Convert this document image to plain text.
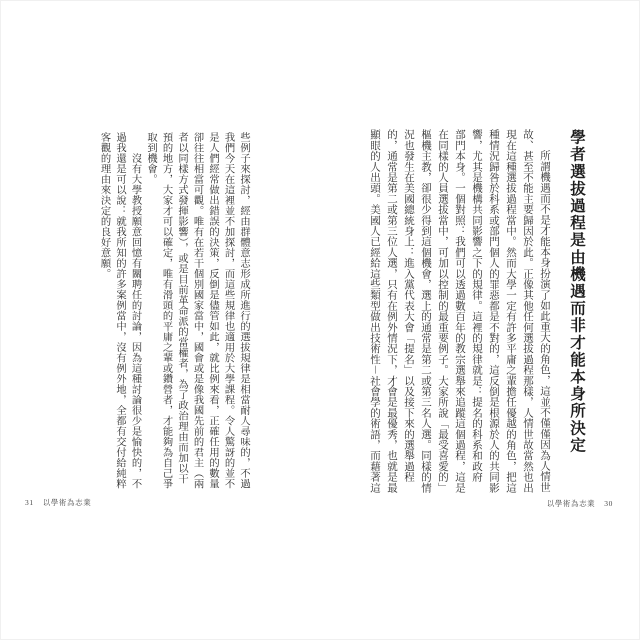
學者選拔過程是由機遇而非才能本身所決定
所謂機遇而不是才能本身扮演了如此重大的角色，這並不僅僅因為人情世
故、甚至不能主要歸因於此。正像其他任何選拔過程那樣，人情世故當然也出
現在這種選拔過程當中。然而大學一定有許多平庸之輩擔任優越的角色，把這
種情況歸咎於科系或部門個人的罪惡都是不對的，這反倒是根源於人的共同影
響，尤其是機構共同影響之下的規律。這裡的規律就是：提名的科系和政府
部門本身。一個對照：我們可以透過數百年的教宗選舉來追蹤這個過程，這是
在同樣的人員選拔當中，可加以控制的最重要例子。大家所說「最受喜愛的」
樞機主教，卻很少得到這個機會，選上的通常是第二或第三名人選。同樣的情
況也發生在美國總統身上：進入黨代表大會「提名」以及接下來的選舉過程
的，通常是第二或第三位人選，只有在例外情況下，才會是最優秀，也就是最
顯眼的人出頭。美國人已經給這些類型做出技術性－社會學的術語，而藉著這
些例子來探討，經由群體意志形成所進行的選拔規律是相當耐人尋味的，不過
我們今天在這裡並不加探討，而這些規律也適用於大學課程。令人驚訝的並不
是人們經常做出錯誤的決策，反倒是儘管如此，就比例來看，正確任用的數量
卻往往相當可觀。唯有在若干個別國家當中，國會或是像我國先前的君主（兩
者以同樣方式發揮影響），或是目前革命派的當權者，為了政治理由而加以干
預的地方，大家才可以確定，唯有滑頭的平庸之輩或鑽營者，才能夠為自己爭
取到機會。
沒有大學教授願意回憶有關聘任的討論，因為這種討論很少是愉快的，不
過我還是可以說：就我所知的許多案例當中，沒有例外地，全都有交付給純粹
客觀的理由來決定的良好意願。
31 以學術為志業	以學術為志業 30
